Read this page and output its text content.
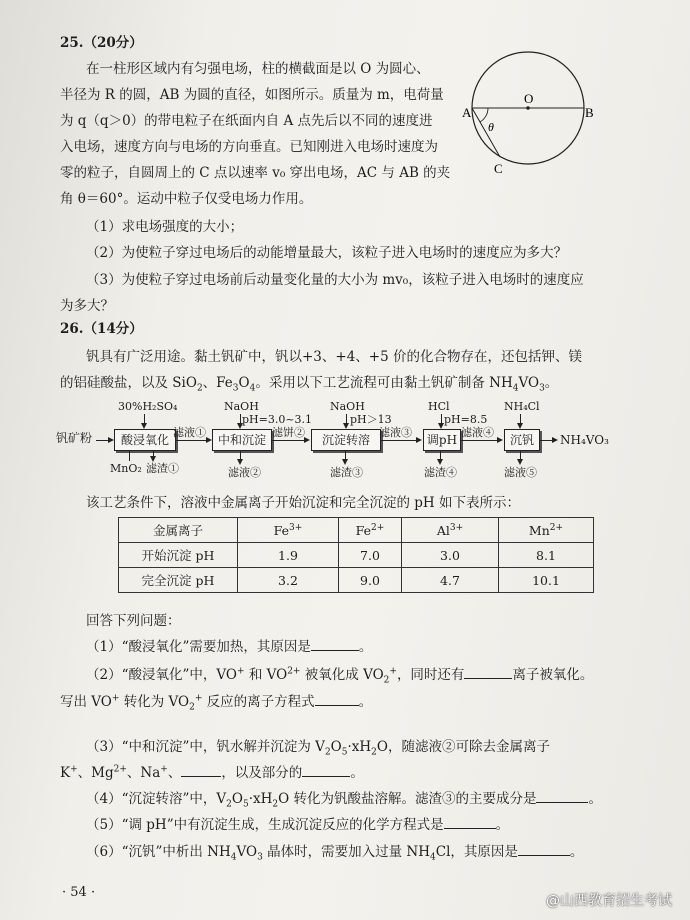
25.（20分）
在一柱形区域内有匀强电场，柱的横截面是以 O 为圆心、
半径为 R 的圆，AB 为圆的直径，如图所示。质量为 m，电荷量
为 q（q＞0）的带电粒子在纸面内自 A 点先后以不同的速度进
入电场，速度方向与电场的方向垂直。已知刚进入电场时速度为
零的粒子，自圆周上的 C 点以速率 v₀ 穿出电场，AC 与 AB 的夹
角 θ＝60°。运动中粒子仅受电场力作用。
（1）求电场强度的大小；
（2）为使粒子穿过电场后的动能增量最大，该粒子进入电场时的速度应为多大？
（3）为使粒子穿过电场前后动量变化量的大小为 mv₀，该粒子进入电场时的速度应
为多大？
A
O
B
C
θ
26.（14分）
钒具有广泛用途。黏土钒矿中，钒以+3、+4、+5 价的化合物存在，还包括钾、镁
的铝硅酸盐，以及 SiO$_2$、$Fe_3O_4$。采用以下工艺流程可由黏土钒矿制备 $NH_4VO_3$。
钒矿粉	酸浸氧化
30%H₂SO₄
MnO₂ 滤渣①
滤液①
中和沉淀
NaOH
pH=3.0~3.1
滤液②
滤饼②
沉淀转溶
NaOH
pH＞13
滤渣③
滤液③
调pH
HCl
pH=8.5
滤渣④
滤液④
沉钒
NH₄Cl
滤液⑤
NH₄VO₃
该工艺条件下，溶液中金属离子开始沉淀和完全沉淀的 pH 如下表所示：
金属离子	$Fe^{3+}$	$Fe^{2+}$	$Al^{3+}$	$Mn^{2+}$
开始沉淀 pH	1.9	7.0	3.0	8.1
完全沉淀 pH	3.2	9.0	4.7	10.1
回答下列问题：
（1）“酸浸氧化”需要加热，其原因是	。
（2）“酸浸氧化”中，VO+ 和 $VO^{2+}$ 被氧化成 $VO_2^+$，同时还有	离子被氧化。
写出 VO+ 转化为 $VO_2^+$ 反应的离子方程式	。
（3）“中和沉淀”中，钒水解并沉淀为 $V_2O_5\cdot xH_2O$，随滤液②可除去金属离子
K+、$Mg^{2+}$、Na+、	，以及部分的	。
（4）“沉淀转溶”中，$V_2O_5\cdot xH_2O$ 转化为钒酸盐溶解。滤渣③的主要成分是	。
（5）“调 pH”中有沉淀生成，生成沉淀反应的化学方程式是	。
（6）“沉钒”中析出 $NH_4VO_3$ 晶体时，需要加入过量 $NH_4Cl$，其原因是	。
· 54 ·
@山西教育招生考试
